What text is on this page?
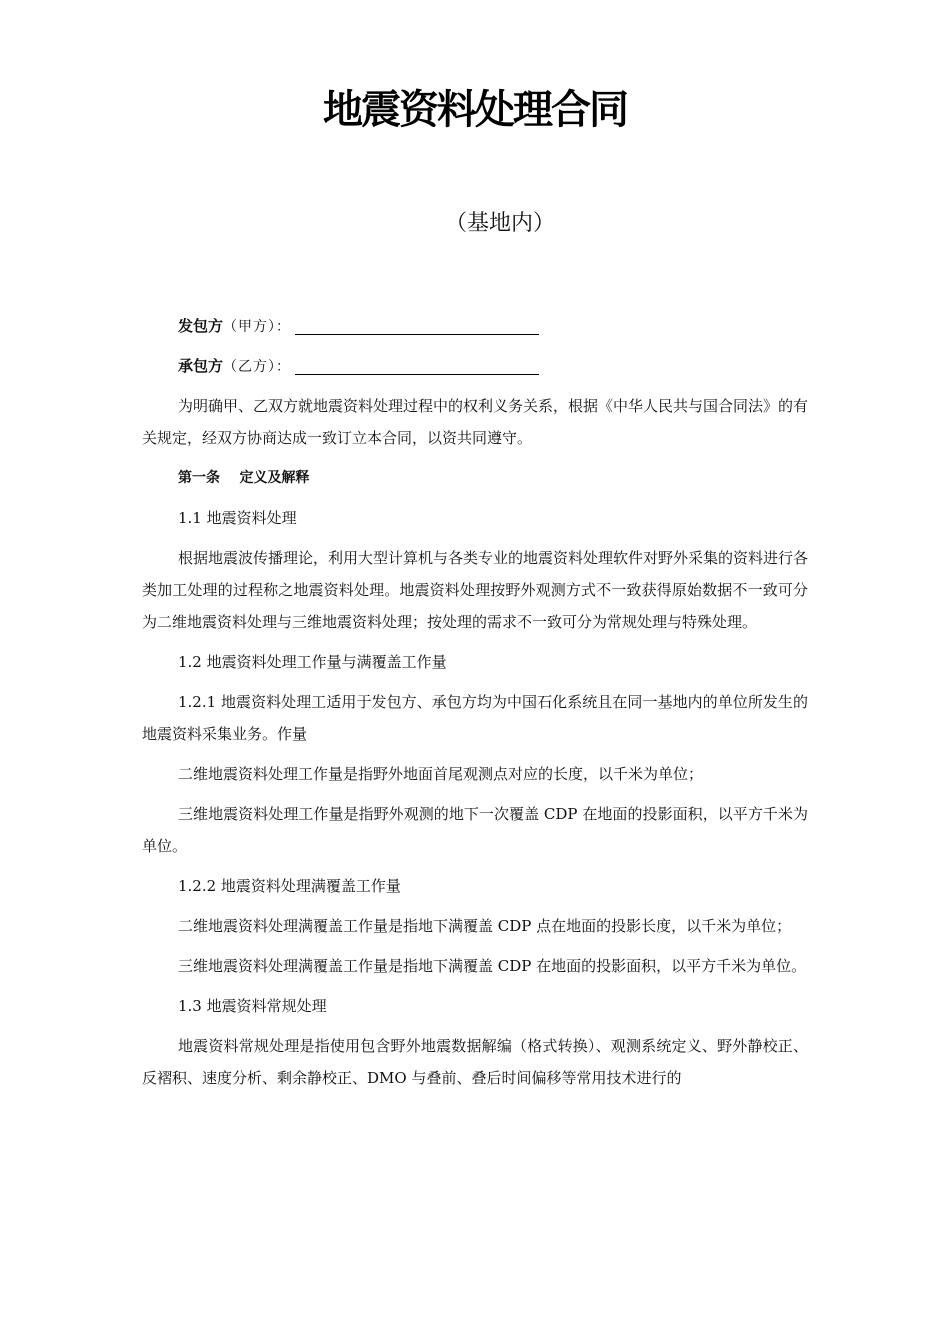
地震资料处理合同
（基地内）
发包方（甲方）：
承包方（乙方）：

为明确甲、乙双方就地震资料处理过程中的权利义务关系，根据《中华人民共与国合同法》的有关规定，经双方协商达成一致订立本合同，以资共同遵守。

第一条    定义及解释

1.1 地震资料处理

根据地震波传播理论，利用大型计算机与各类专业的地震资料处理软件对野外采集的资料进行各类加工处理的过程称之地震资料处理。地震资料处理按野外观测方式不一致获得原始数据不一致可分为二维地震资料处理与三维地震资料处理；按处理的需求不一致可分为常规处理与特殊处理。

1.2 地震资料处理工作量与满覆盖工作量

1.2.1 地震资料处理工适用于发包方、承包方均为中国石化系统且在同一基地内的单位所发生的地震资料采集业务。作量

二维地震资料处理工作量是指野外地面首尾观测点对应的长度，以千米为单位；

三维地震资料处理工作量是指野外观测的地下一次覆盖 CDP 在地面的投影面积，以平方千米为单位。

1.2.2 地震资料处理满覆盖工作量

二维地震资料处理满覆盖工作量是指地下满覆盖 CDP 点在地面的投影长度，以千米为单位；

三维地震资料处理满覆盖工作量是指地下满覆盖 CDP 在地面的投影面积，以平方千米为单位。

1.3 地震资料常规处理

地震资料常规处理是指使用包含野外地震数据解编（格式转换）、观测系统定义、野外静校正、反褶积、速度分析、剩余静校正、DMO 与叠前、叠后时间偏移等常用技术进行的
